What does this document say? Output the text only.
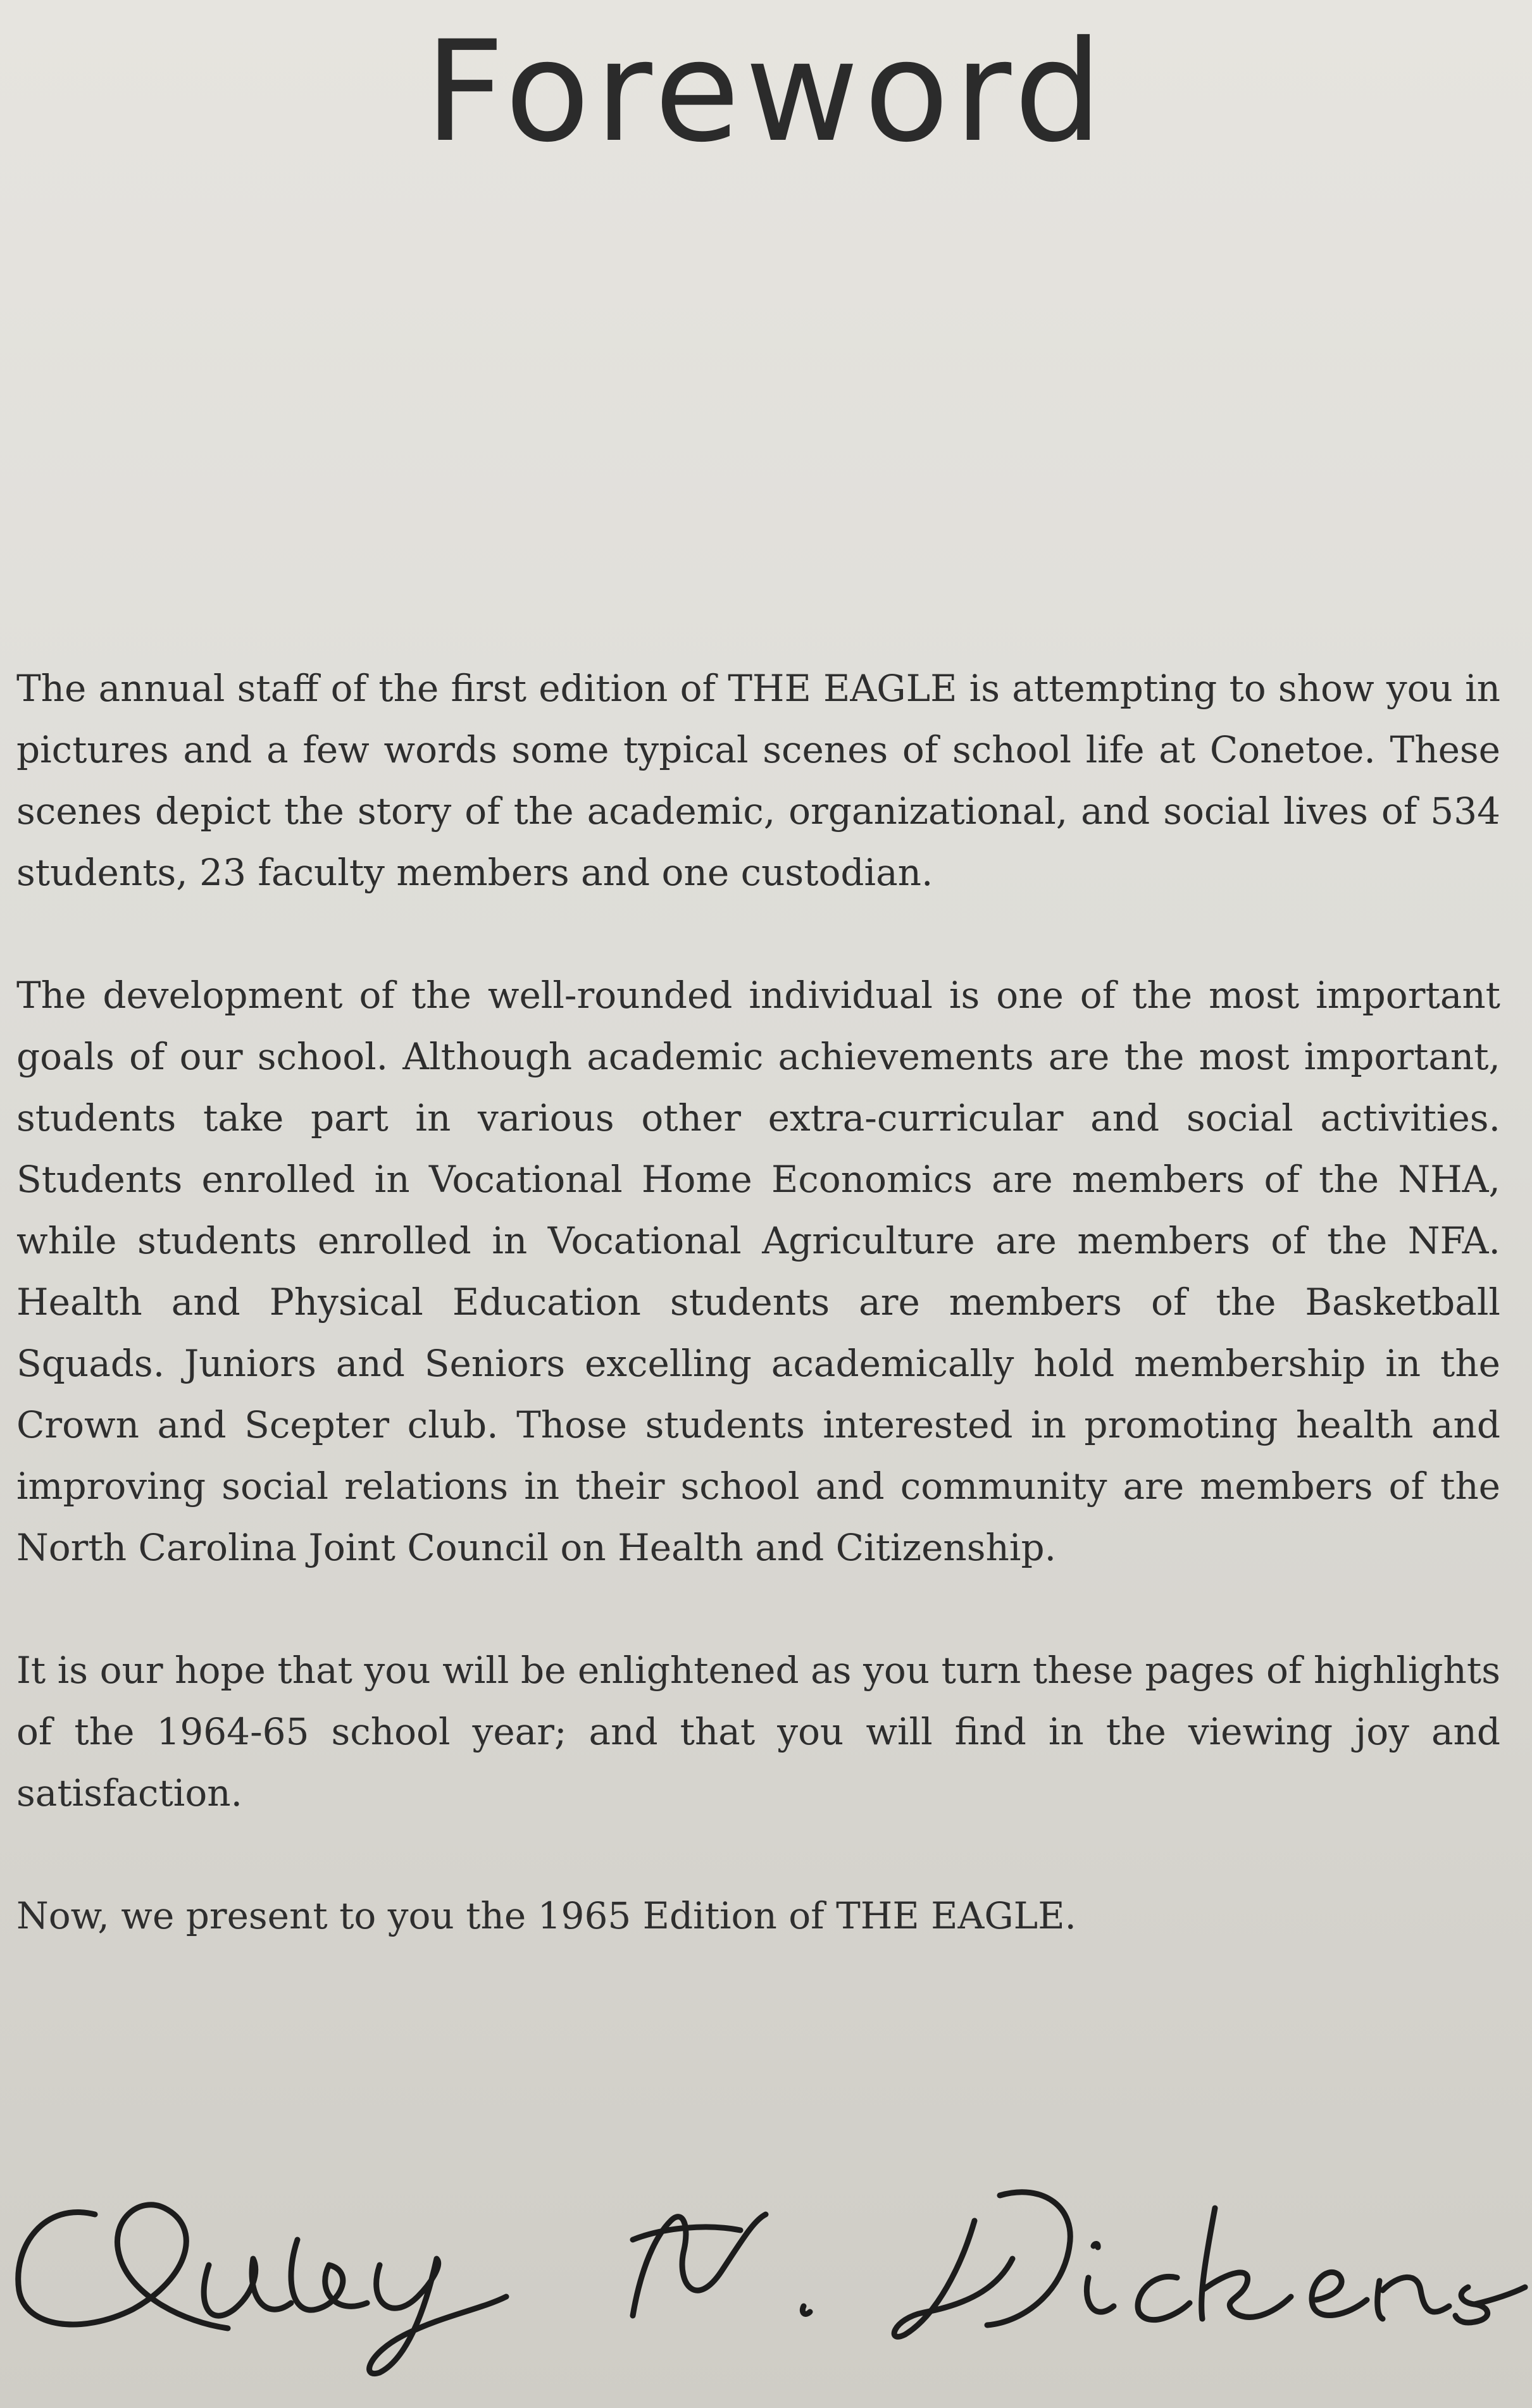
Foreword

The annual staff of the first edition of THE EAGLE is attempting to show you in pictures and a few words some typical scenes of school life at Conetoe. These scenes depict the story of the academic, organizational, and social lives of 534 students, 23 faculty members and one custodian.

The development of the well-rounded individual is one of the most important goals of our school. Although academic achievements are the most important, students take part in various other extra-curricular and social activities. Students enrolled in Vocational Home Economics are members of the NHA, while students enrolled in Vocational Agriculture are members of the NFA. Health and Physical Education students are members of the Basketball Squads. Juniors and Seniors excelling academically hold membership in the Crown and Scepter club. Those students interested in promoting health and improving social relations in their school and community are members of the North Carolina Joint Council on Health and Citizenship.

It is our hope that you will be enlightened as you turn these pages of highlights of the 1964-65 school year; and that you will find in the viewing joy and satisfaction.

Now, we present to you the 1965 Edition of THE EAGLE.
